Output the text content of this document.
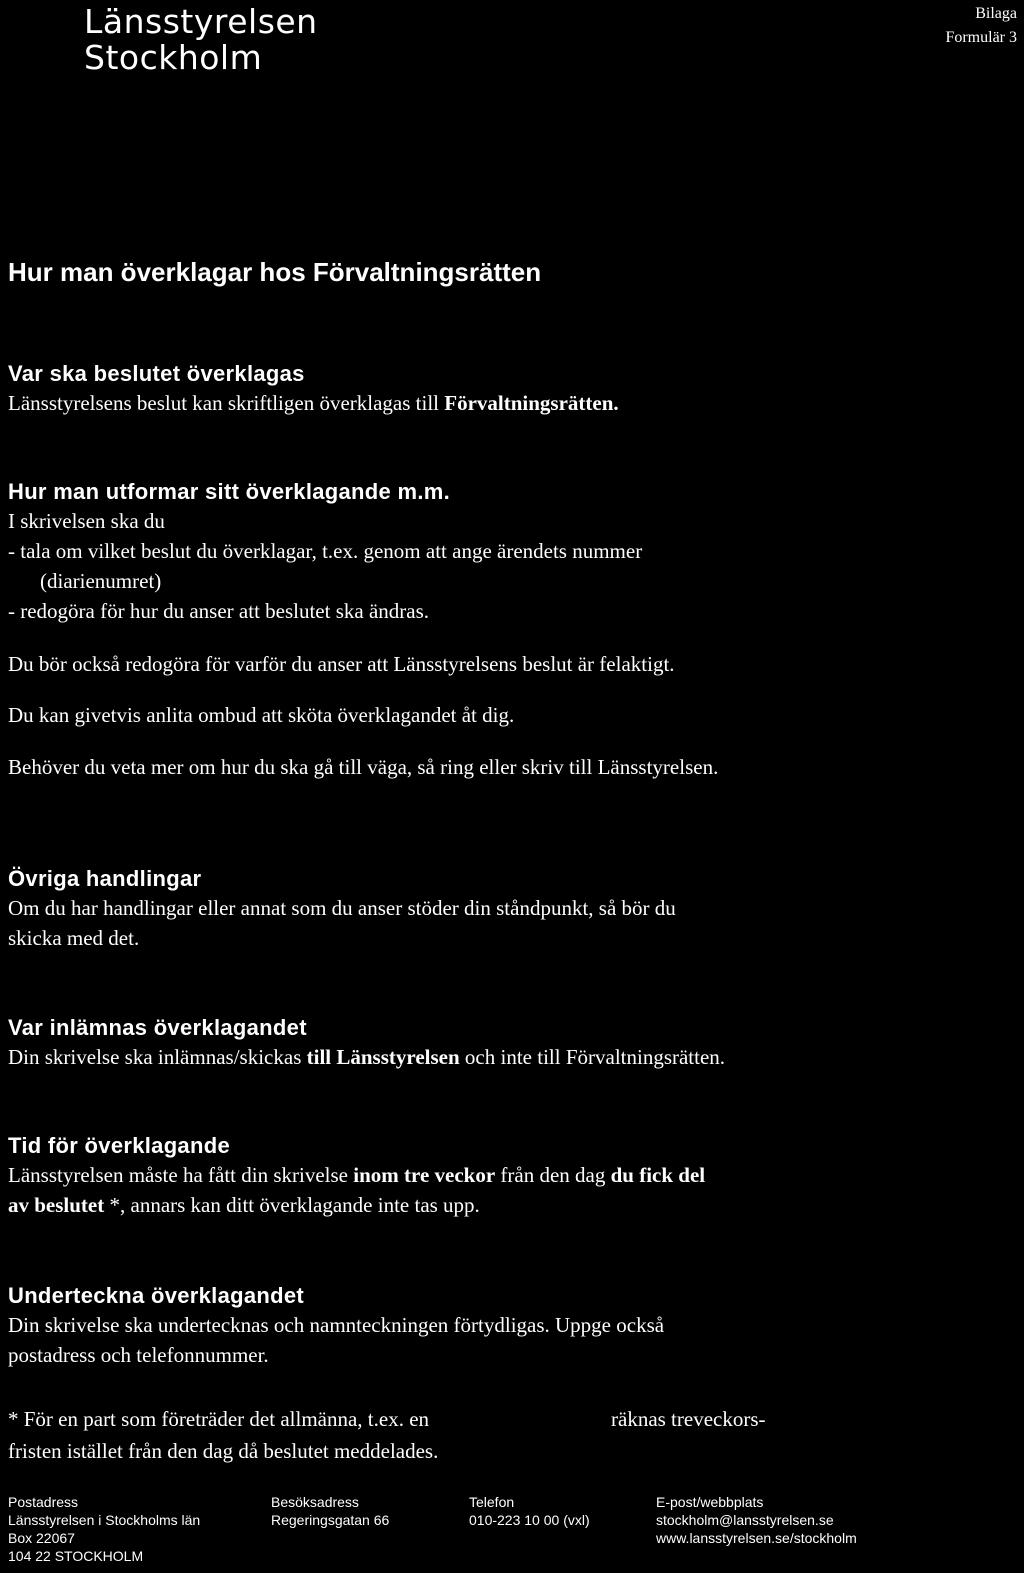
Länsstyrelsen
Stockholm
Bilaga
Formulär 3
Hur man överklagar hos Förvaltningsrätten
Var ska beslutet överklagas

Länsstyrelsens beslut kan skriftligen överklagas till Förvaltningsrätten.

Hur man utformar sitt överklagande m.m.

I skrivelsen ska du

- tala om vilket beslut du överklagar, t.ex. genom att ange ärendets nummer

(diarienumret)

- redogöra för hur du anser att beslutet ska ändras.

Du bör också redogöra för varför du anser att Länsstyrelsens beslut är felaktigt.

Du kan givetvis anlita ombud att sköta överklagandet åt dig.

Behöver du veta mer om hur du ska gå till väga, så ring eller skriv till Länsstyrelsen.

Övriga handlingar

Om du har handlingar eller annat som du anser stöder din ståndpunkt, så bör du

skicka med det.

Var inlämnas överklagandet

Din skrivelse ska inlämnas/skickas till Länsstyrelsen och inte till Förvaltningsrätten.

Tid för överklagande

Länsstyrelsen måste ha fått din skrivelse inom tre veckor från den dag du fick del

av beslutet *, annars kan ditt överklagande inte tas upp.

Underteckna överklagandet

Din skrivelse ska undertecknas och namnteckningen förtydligas. Uppge också

postadress och telefonnummer.

* För en part som företräder det allmänna, t.ex. en
fristen istället från den dag då beslutet meddelades.
räknas treveckors-
Postadress
Länsstyrelsen i Stockholms län
Box 22067
104 22 STOCKHOLM
Besöksadress
Regeringsgatan 66
Telefon
010-223 10 00 (vxl)
E-post/webbplats
stockholm@lansstyrelsen.se
www.lansstyrelsen.se/stockholm
